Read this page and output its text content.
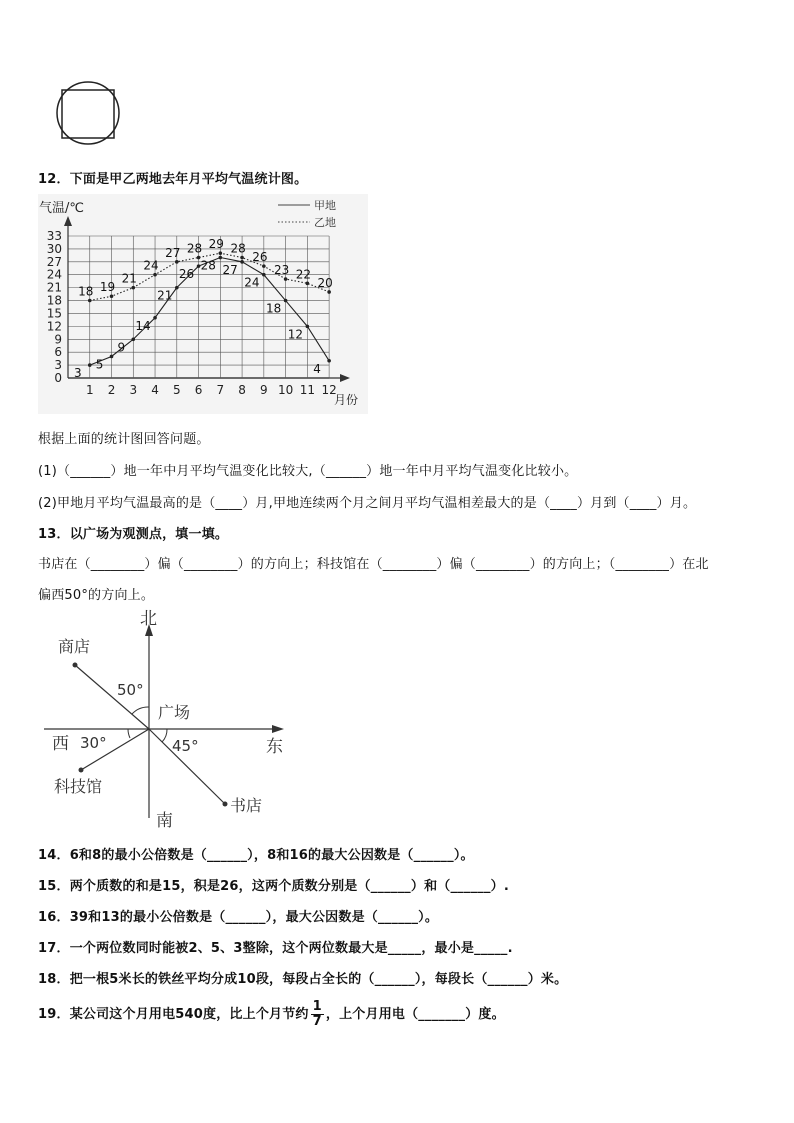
12．下面是甲乙两地去年月平均气温统计图。
0
3
6
9
12
15
18
21
24
27
30
33
1 2 3 4 5 6 7 8 9 10 11 12
3
5
9
14
21
26
28 27
24
18
12
4
18 19
21
24
27 28 29 28
26
23 22
20
气温/℃
月份
甲地
乙地
根据上面的统计图回答问题。
(1)（______）地一年中月平均气温变化比较大,（______）地一年中月平均气温变化比较小。
(2)甲地月平均气温最高的是（____）月,甲地连续两个月之间月平均气温相差最大的是（____）月到（____）月。
13．以广场为观测点，填一填。
书店在（________）偏（________）的方向上；科技馆在（________）偏（________）的方向上；（________）在北
偏西50°的方向上。
北
南
东
西
广场
商店
科技馆
书店
50°
30°	45°
14．6和8的最小公倍数是（______），8和16的最大公因数是（______）。
15．两个质数的和是15，积是26，这两个质数分别是（______）和（______）.
16．39和13的最小公倍数是（______），最大公因数是（______）。
17．一个两位数同时能被2、5、3整除，这个两位数最大是_____，最小是_____.
18．把一根5米长的铁丝平均分成10段，每段占全长的（______），每段长（______）米。
19．某公司这个月用电540度，比上个月节约 $\frac{1}{7}$ ，上个月用电（_______）度。
